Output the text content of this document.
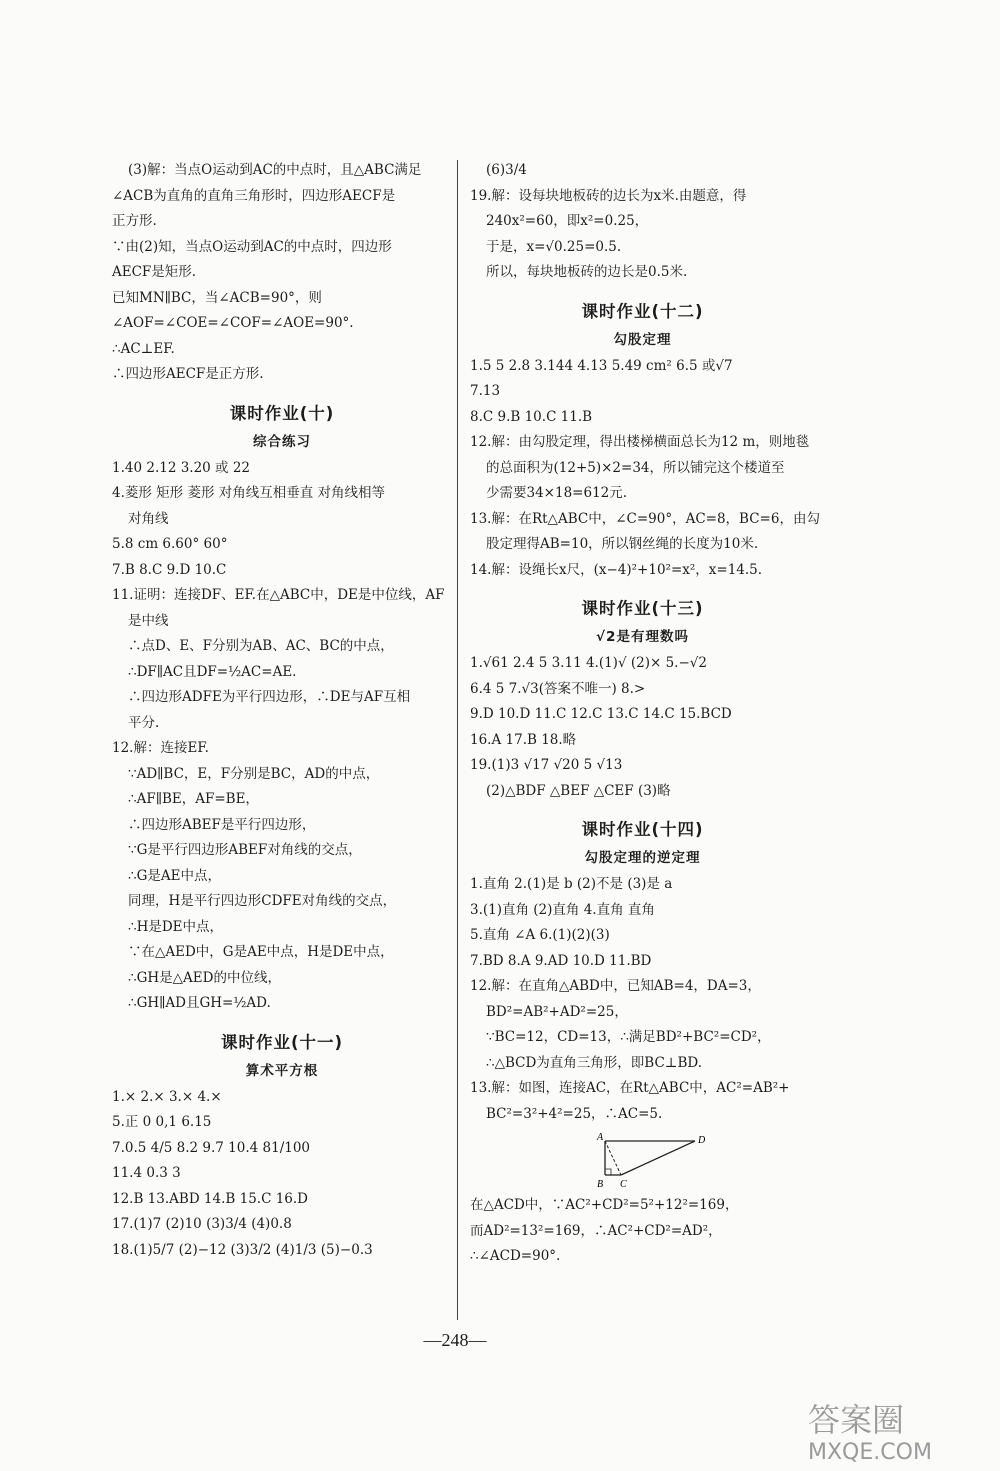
(3)解：当点O运动到AC的中点时，且△ABC满足
∠ACB为直角的直角三角形时，四边形AECF是
正方形.
∵由(2)知，当点O运动到AC的中点时，四边形
AECF是矩形.
已知MN∥BC，当∠ACB=90°，则
∠AOF=∠COE=∠COF=∠AOE=90°.
∴AC⊥EF.
∴四边形AECF是正方形.
课时作业(十)
综合练习
1.40 2.12 3.20 或 22
4.菱形 矩形 菱形 对角线互相垂直 对角线相等
对角线
5.8 cm 6.60° 60°
7.B 8.C 9.D 10.C
11.证明：连接DF、EF.在△ABC中，DE是中位线，AF
是中线
∴点D、E、F分别为AB、AC、BC的中点，
∴DF∥AC且DF=½AC=AE.
∴四边形ADFE为平行四边形，∴DE与AF互相
平分.
12.解：连接EF.
∵AD∥BC，E，F分别是BC，AD的中点，
∴AF∥BE，AF=BE，
∴四边形ABEF是平行四边形，
∵G是平行四边形ABEF对角线的交点，
∴G是AE中点，
同理，H是平行四边形CDFE对角线的交点，
∴H是DE中点，
∵在△AED中，G是AE中点，H是DE中点，
∴GH是△AED的中位线，
∴GH∥AD且GH=½AD.
课时作业(十一)
算术平方根
1.× 2.× 3.× 4.×
5.正 0 0,1 6.15
7.0.5 4/5 8.2 9.7 10.4 81/100
11.4 0.3 3
12.B 13.ABD 14.B 15.C 16.D
17.(1)7 (2)10 (3)3/4 (4)0.8
18.(1)5/7 (2)−12 (3)3/2 (4)1/3 (5)−0.3
(6)3/4
19.解：设每块地板砖的边长为x米.由题意，得
240x²=60，即x²=0.25，
于是，x=√0.25=0.5.
所以，每块地板砖的边长是0.5米.
课时作业(十二)
勾股定理
1.5 5 2.8 3.144 4.13 5.49 cm² 6.5 或√7
7.13
8.C 9.B 10.C 11.B
12.解：由勾股定理，得出楼梯横面总长为12 m，则地毯
的总面积为(12+5)×2=34，所以铺完这个楼道至
少需要34×18=612元.
13.解：在Rt△ABC中，∠C=90°，AC=8，BC=6，由勾
股定理得AB=10，所以钢丝绳的长度为10米.
14.解：设绳长x尺，(x−4)²+10²=x²，x=14.5.
课时作业(十三)
√2是有理数吗
1.√61 2.4 5 3.11 4.(1)√ (2)× 5.−√2
6.4 5 7.√3(答案不唯一) 8.>
9.D 10.D 11.C 12.C 13.C 14.C 15.BCD
16.A 17.B 18.略
19.(1)3 √17 √20 5 √13
(2)△BDF △BEF △CEF (3)略
课时作业(十四)
勾股定理的逆定理
1.直角 2.(1)是 b (2)不是 (3)是 a
3.(1)直角 (2)直角 4.直角 直角
5.直角 ∠A 6.(1)(2)(3)
7.BD 8.A 9.AD 10.D 11.BD
12.解：在直角△ABD中，已知AB=4，DA=3，
BD²=AB²+AD²=25，
∵BC=12，CD=13，∴满足BD²+BC²=CD²，
∴△BCD为直角三角形，即BC⊥BD.
13.解：如图，连接AC，在Rt△ABC中，AC²=AB²+
BC²=3²+4²=25，∴AC=5.
A	D
B C
在△ACD中，∵AC²+CD²=5²+12²=169，
而AD²=13²=169，∴AC²+CD²=AD²，
∴∠ACD=90°.
—248—
答案圈
MXQE.COM
